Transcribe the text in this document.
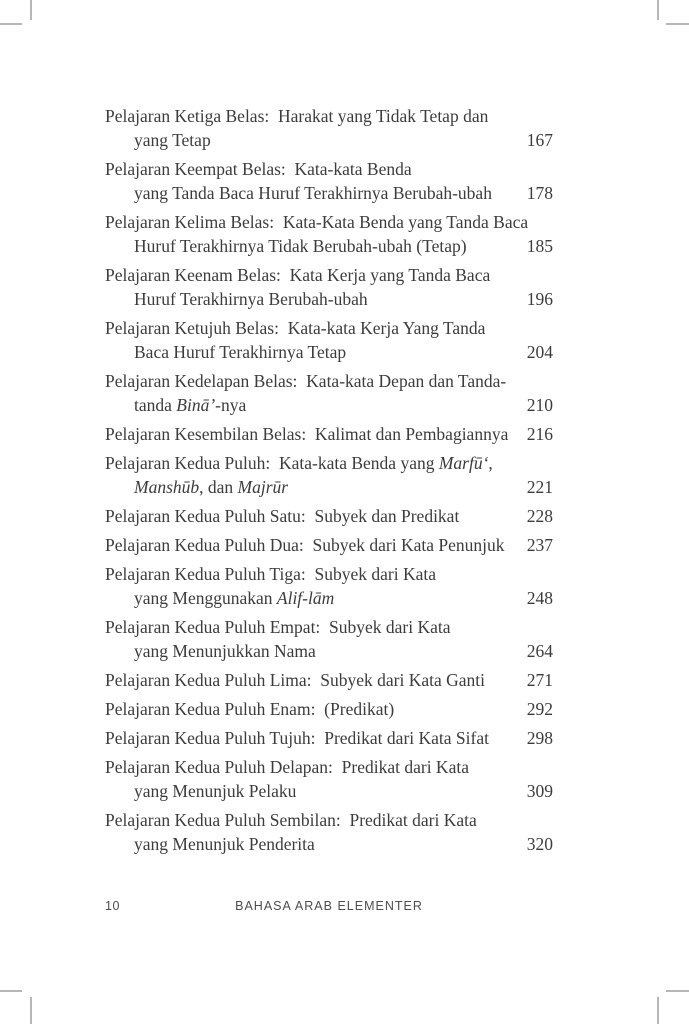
Pelajaran Ketiga Belas:  Harakat yang Tidak Tetap dan
yang Tetap	167
Pelajaran Keempat Belas:  Kata-kata Benda
yang Tanda Baca Huruf Terakhirnya Berubah-ubah	178
Pelajaran Kelima Belas:  Kata-Kata Benda yang Tanda Baca
Huruf Terakhirnya Tidak Berubah-ubah (Tetap)	185
Pelajaran Keenam Belas:  Kata Kerja yang Tanda Baca
Huruf Terakhirnya Berubah-ubah	196
Pelajaran Ketujuh Belas:  Kata-kata Kerja Yang Tanda
Baca Huruf Terakhirnya Tetap	204
Pelajaran Kedelapan Belas:  Kata-kata Depan dan Tanda-
tanda Binā’-nya	210
Pelajaran Kesembilan Belas:  Kalimat dan Pembagiannya	216
Pelajaran Kedua Puluh:  Kata-kata Benda yang Marfū‘,
Manshūb, dan Majrūr	221
Pelajaran Kedua Puluh Satu:  Subyek dan Predikat	228
Pelajaran Kedua Puluh Dua:  Subyek dari Kata Penunjuk	237
Pelajaran Kedua Puluh Tiga:  Subyek dari Kata
yang Menggunakan Alif-lām	248
Pelajaran Kedua Puluh Empat:  Subyek dari Kata
yang Menunjukkan Nama	264
Pelajaran Kedua Puluh Lima:  Subyek dari Kata Ganti	271
Pelajaran Kedua Puluh Enam:  (Predikat)	292
Pelajaran Kedua Puluh Tujuh:  Predikat dari Kata Sifat	298
Pelajaran Kedua Puluh Delapan:  Predikat dari Kata
yang Menunjuk Pelaku	309
Pelajaran Kedua Puluh Sembilan:  Predikat dari Kata
yang Menunjuk Penderita	320
10	BAHASA ARAB ELEMENTER
